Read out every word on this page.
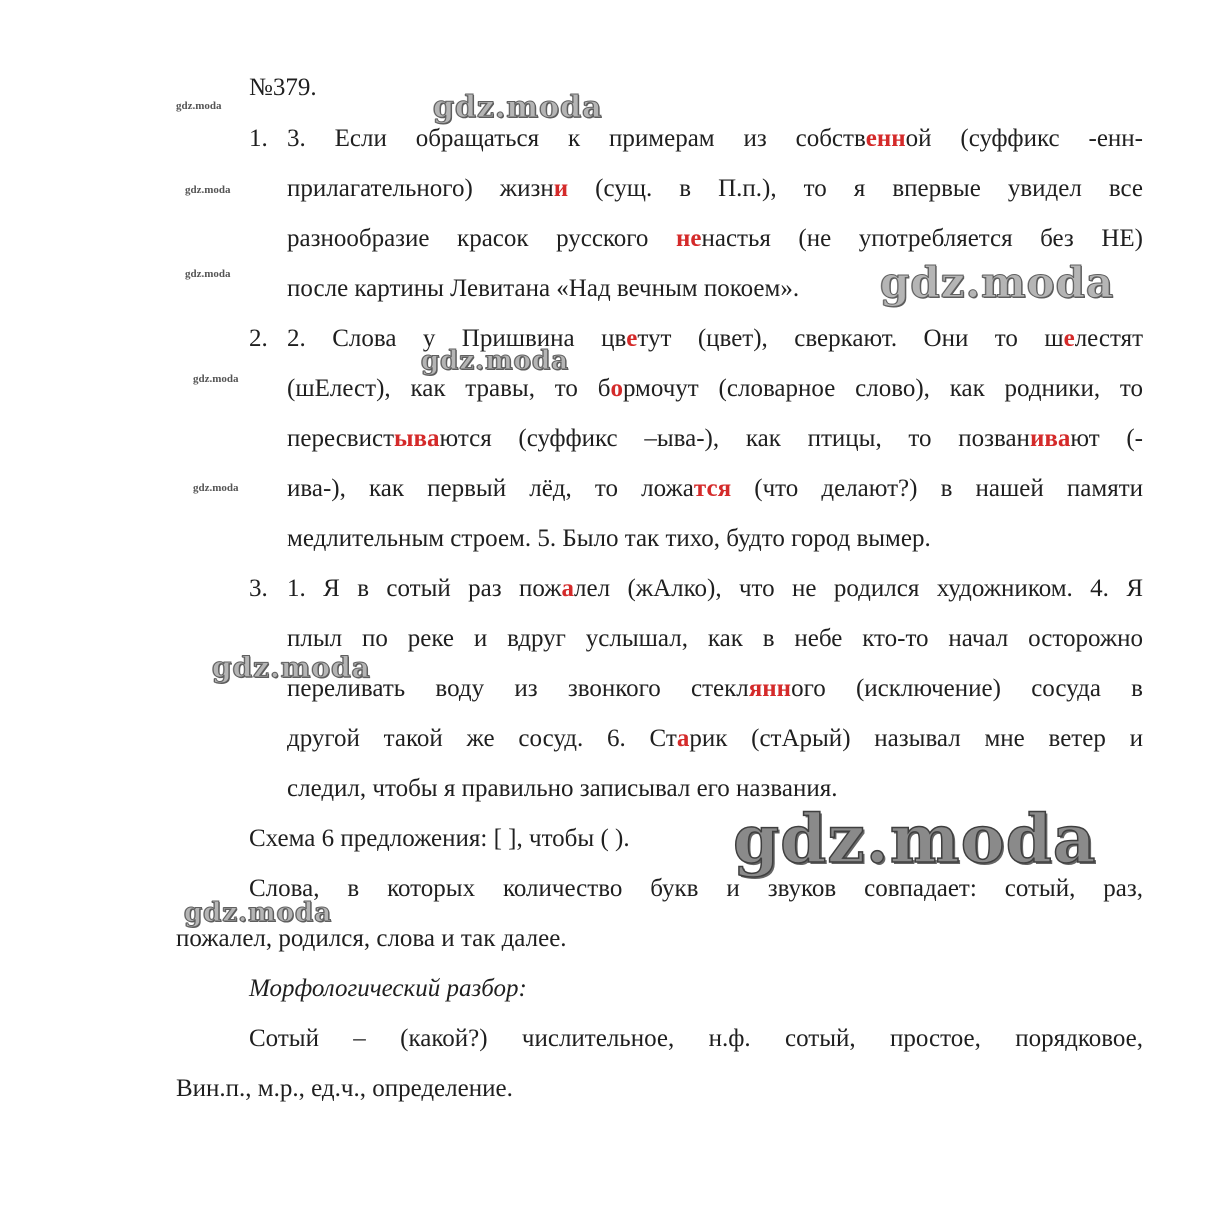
№379.
1. 3. Если обращаться к примерам из собственной (суффикс -енн-
прилагательного) жизни (сущ. в П.п.), то я впервые увидел все
разнообразие красок русского ненастья (не употребляется без НЕ)
после картины Левитана «Над вечным покоем».
2. 2. Слова у Пришвина цветут (цвет), сверкают. Они то шелестят
(шЕлест), как травы, то бормочут (словарное слово), как родники, то
пересвистываются (суффикс –ыва-), как птицы, то позванивают (-
ива-), как первый лёд, то ложатся (что делают?) в нашей памяти
медлительным строем. 5. Было так тихо, будто город вымер.
3. 1. Я в сотый раз пожалел (жАлко), что не родился художником. 4. Я
плыл по реке и вдруг услышал, как в небе кто-то начал осторожно
переливать воду из звонкого стеклянного (исключение) сосуда в
другой такой же сосуд. 6. Старик (стАрый) называл мне ветер и
следил, чтобы я правильно записывал его названия.
Схема 6 предложения: [ ], чтобы ( ).
Слова, в которых количество букв и звуков совпадает: сотый, раз,
пожалел, родился, слова и так далее.
Морфологический разбор:
Сотый – (какой?) числительное, н.ф. сотый, простое, порядковое,
Вин.п., м.р., ед.ч., определение.
gdz.moda
gdz.moda
gdz.moda
gdz.moda
gdz.moda
gdz.moda
gdz.moda
gdz.moda
gdz.moda
gdz.moda
gdz.moda
